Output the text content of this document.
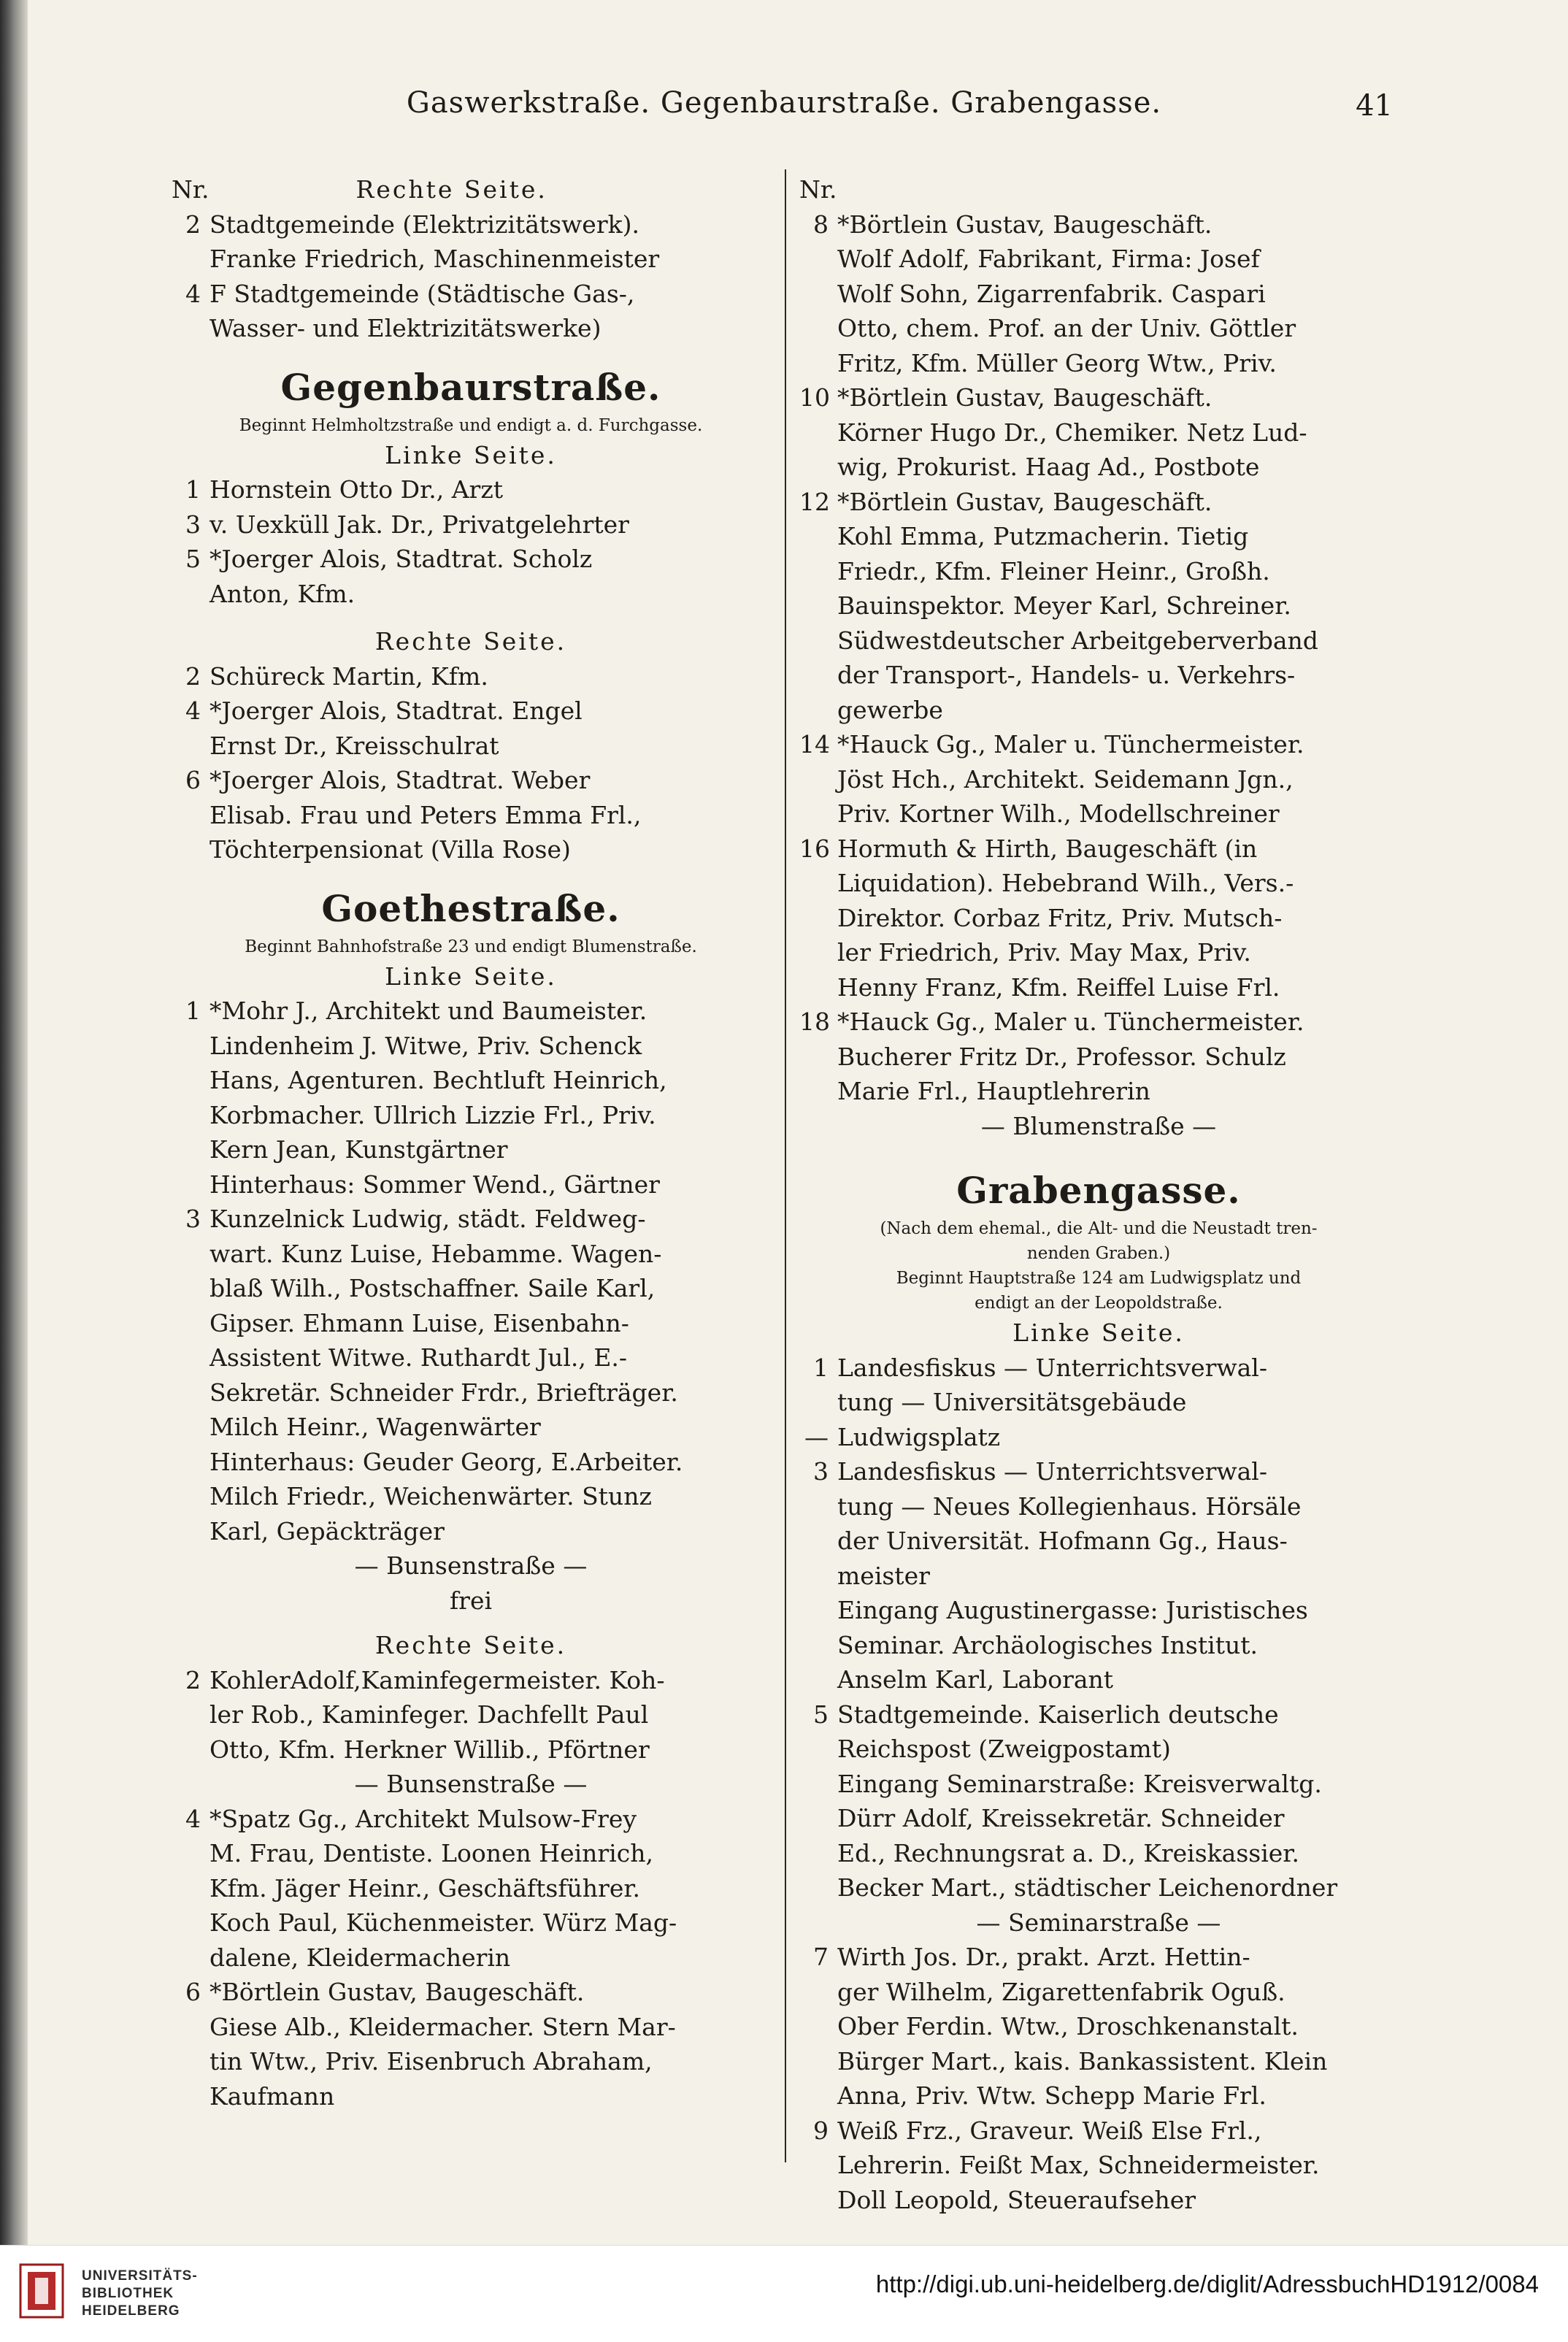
Gaswerkstraße. Gegenbaurstraße. Grabengasse.	41
Nr.	Rechte Seite.
2 Stadtgemeinde (Elektrizitätswerk).
Franke Friedrich, Maschinenmeister
4 F Stadtgemeinde (Städtische Gas-,
Wasser- und Elektrizitätswerke)
Gegenbaurstraße.
Beginnt Helmholtzstraße und endigt a. d. Furchgasse.
Linke Seite.
1 Hornstein Otto Dr., Arzt
3 v. Uexküll Jak. Dr., Privatgelehrter
5 *Joerger Alois, Stadtrat. Scholz
Anton, Kfm.
Rechte Seite.
2 Schüreck Martin, Kfm.
4 *Joerger Alois, Stadtrat. Engel
Ernst Dr., Kreisschulrat
6 *Joerger Alois, Stadtrat. Weber
Elisab. Frau und Peters Emma Frl.,
Töchterpensionat (Villa Rose)
Goethestraße.
Beginnt Bahnhofstraße 23 und endigt Blumenstraße.
Linke Seite.
1 *Mohr J., Architekt und Baumeister.
Lindenheim J. Witwe, Priv. Schenck
Hans, Agenturen. Bechtluft Heinrich,
Korbmacher. Ullrich Lizzie Frl., Priv.
Kern Jean, Kunstgärtner
Hinterhaus: Sommer Wend., Gärtner
3 Kunzelnick Ludwig, städt. Feldweg-
wart. Kunz Luise, Hebamme. Wagen-
blaß Wilh., Postschaffner. Saile Karl,
Gipser. Ehmann Luise, Eisenbahn-
Assistent Witwe. Ruthardt Jul., E.-
Sekretär. Schneider Frdr., Briefträger.
Milch Heinr., Wagenwärter
Hinterhaus: Geuder Georg, E.Arbeiter.
Milch Friedr., Weichenwärter. Stunz
Karl, Gepäckträger
— Bunsenstraße —
frei
Rechte Seite.
2 KohlerAdolf,Kaminfegermeister. Koh-
ler Rob., Kaminfeger. Dachfellt Paul
Otto, Kfm. Herkner Willib., Pförtner
— Bunsenstraße —
4 *Spatz Gg., Architekt Mulsow-Frey
M. Frau, Dentiste. Loonen Heinrich,
Kfm. Jäger Heinr., Geschäftsführer.
Koch Paul, Küchenmeister. Würz Mag-
dalene, Kleidermacherin
6 *Börtlein Gustav, Baugeschäft.
Giese Alb., Kleidermacher. Stern Mar-
tin Wtw., Priv. Eisenbruch Abraham,
Kaufmann
Nr.
8 *Börtlein Gustav, Baugeschäft.
Wolf Adolf, Fabrikant, Firma: Josef
Wolf Sohn, Zigarrenfabrik. Caspari
Otto, chem. Prof. an der Univ. Göttler
Fritz, Kfm. Müller Georg Wtw., Priv.
10 *Börtlein Gustav, Baugeschäft.
Körner Hugo Dr., Chemiker. Netz Lud-
wig, Prokurist. Haag Ad., Postbote
12 *Börtlein Gustav, Baugeschäft.
Kohl Emma, Putzmacherin. Tietig
Friedr., Kfm. Fleiner Heinr., Großh.
Bauinspektor. Meyer Karl, Schreiner.
Südwestdeutscher Arbeitgeberverband
der Transport-, Handels- u. Verkehrs-
gewerbe
14 *Hauck Gg., Maler u. Tünchermeister.
Jöst Hch., Architekt. Seidemann Jgn.,
Priv. Kortner Wilh., Modellschreiner
16 Hormuth & Hirth, Baugeschäft (in
Liquidation). Hebebrand Wilh., Vers.-
Direktor. Corbaz Fritz, Priv. Mutsch-
ler Friedrich, Priv. May Max, Priv.
Henny Franz, Kfm. Reiffel Luise Frl.
18 *Hauck Gg., Maler u. Tünchermeister.
Bucherer Fritz Dr., Professor. Schulz
Marie Frl., Hauptlehrerin
— Blumenstraße —
Grabengasse.
(Nach dem ehemal., die Alt- und die Neustadt tren-
nenden Graben.)
Beginnt Hauptstraße 124 am Ludwigsplatz und
endigt an der Leopoldstraße.
Linke Seite.
1 Landesfiskus — Unterrichtsverwal-
tung — Universitätsgebäude
— Ludwigsplatz
3 Landesfiskus — Unterrichtsverwal-
tung — Neues Kollegienhaus. Hörsäle
der Universität. Hofmann Gg., Haus-
meister
Eingang Augustinergasse: Juristisches
Seminar. Archäologisches Institut.
Anselm Karl, Laborant
5 Stadtgemeinde. Kaiserlich deutsche
Reichspost (Zweigpostamt)
Eingang Seminarstraße: Kreisverwaltg.
Dürr Adolf, Kreissekretär. Schneider
Ed., Rechnungsrat a. D., Kreiskassier.
Becker Mart., städtischer Leichenordner
— Seminarstraße —
7 Wirth Jos. Dr., prakt. Arzt. Hettin-
ger Wilhelm, Zigarettenfabrik Oguß.
Ober Ferdin. Wtw., Droschkenanstalt.
Bürger Mart., kais. Bankassistent. Klein
Anna, Priv. Wtw. Schepp Marie Frl.
9 Weiß Frz., Graveur. Weiß Else Frl.,
Lehrerin. Feißt Max, Schneidermeister.
Doll Leopold, Steueraufseher
UNIVERSITÄTS-
BIBLIOTHEK
HEIDELBERG
http://digi.ub.uni-heidelberg.de/diglit/AdressbuchHD1912/0084
